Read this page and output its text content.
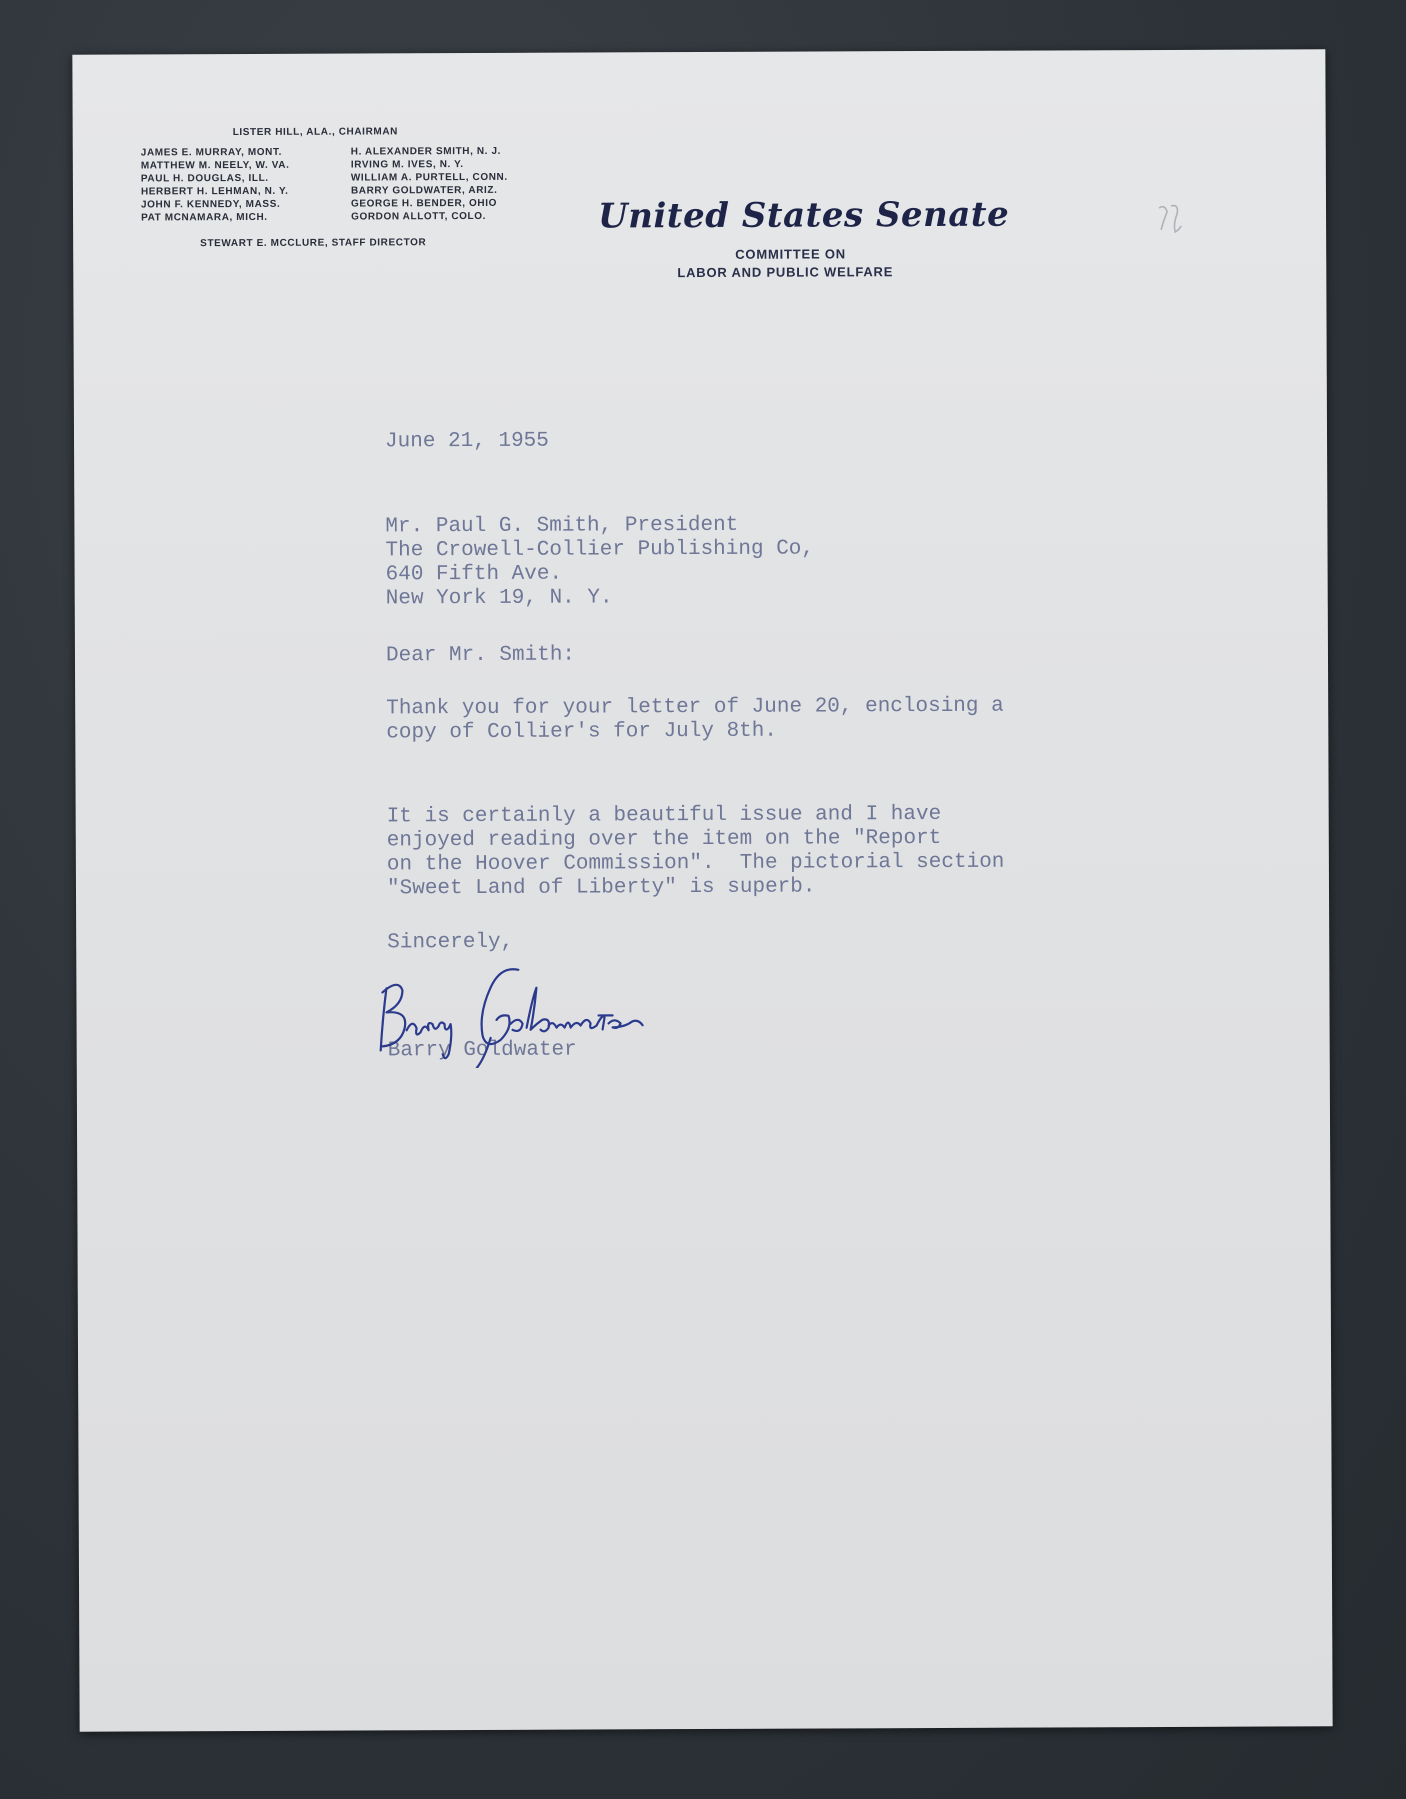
LISTER HILL, ALA., CHAIRMAN
JAMES E. MURRAY, MONT.
MATTHEW M. NEELY, W. VA.
PAUL H. DOUGLAS, ILL.
HERBERT H. LEHMAN, N. Y.
JOHN F. KENNEDY, MASS.
PAT MCNAMARA, MICH.
H. ALEXANDER SMITH, N. J.
IRVING M. IVES, N. Y.
WILLIAM A. PURTELL, CONN.
BARRY GOLDWATER, ARIZ.
GEORGE H. BENDER, OHIO
GORDON ALLOTT, COLO.
STEWART E. MCCLURE, STAFF DIRECTOR
United States Senate
COMMITTEE ON
LABOR AND PUBLIC WELFARE
June 21, 1955
Mr. Paul G. Smith, President
The Crowell-Collier Publishing Co,
640 Fifth Ave.
New York 19, N. Y.
Dear Mr. Smith:
Thank you for your letter of June 20, enclosing a
copy of Collier's for July 8th.
It is certainly a beautiful issue and I have
enjoyed reading over the item on the "Report
on the Hoover Commission".  The pictorial section
"Sweet Land of Liberty" is superb.
Sincerely,
Barry Goldwater
